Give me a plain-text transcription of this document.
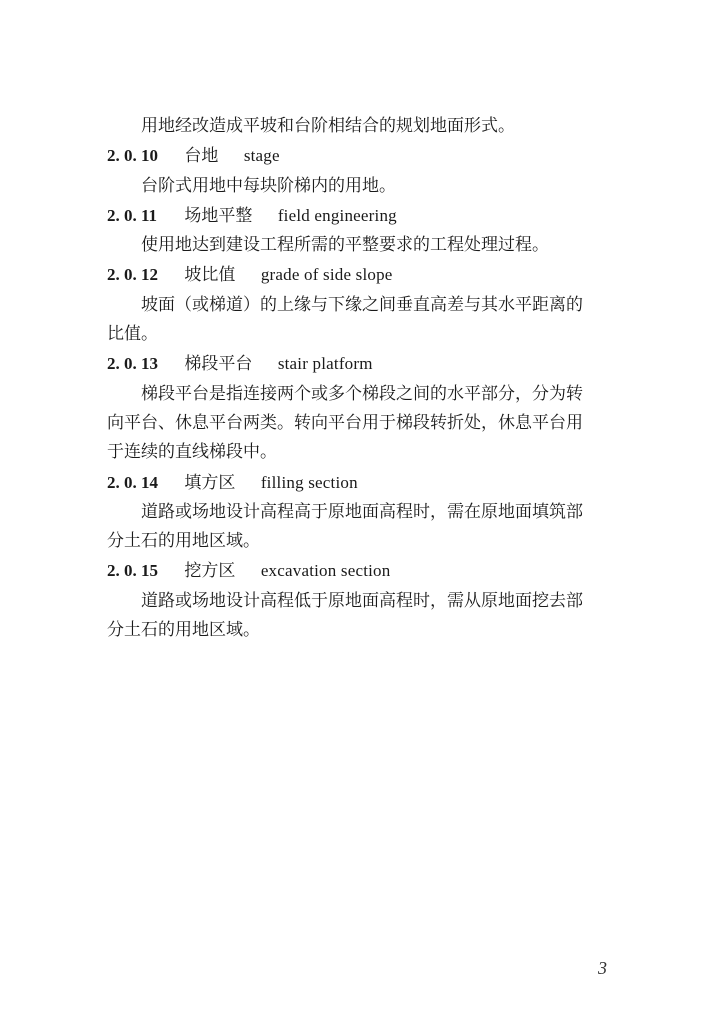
用地经改造成平坡和台阶相结合的规划地面形式。
2. 0. 10 台地 stage
台阶式用地中每块阶梯内的用地。
2. 0. 11 场地平整 field engineering
使用地达到建设工程所需的平整要求的工程处理过程。
2. 0. 12 坡比值 grade of side slope
坡面（或梯道）的上缘与下缘之间垂直高差与其水平距离的
比值。
2. 0. 13 梯段平台 stair platform
梯段平台是指连接两个或多个梯段之间的水平部分，分为转
向平台、休息平台两类。转向平台用于梯段转折处，休息平台用
于连续的直线梯段中。
2. 0. 14 填方区 filling section
道路或场地设计高程高于原地面高程时，需在原地面填筑部
分土石的用地区域。
2. 0. 15 挖方区 excavation section
道路或场地设计高程低于原地面高程时，需从原地面挖去部
分土石的用地区域。
3
